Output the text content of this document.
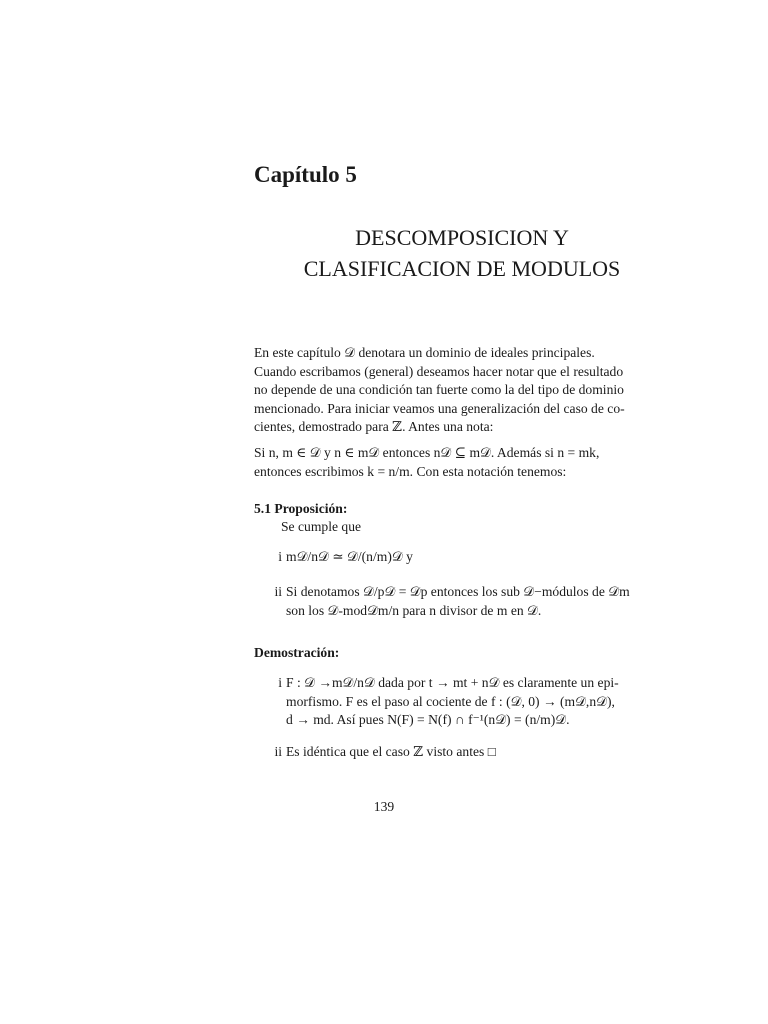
Capítulo 5
DESCOMPOSICION Y
CLASIFICACION DE MODULOS
En este capítulo 𝒟 denotara un dominio de ideales principales.
Cuando escribamos (general) deseamos hacer notar que el resultado
no depende de una condición tan fuerte como la del tipo de dominio
mencionado. Para iniciar veamos una generalización del caso de co-
cientes, demostrado para ℤ. Antes una nota:
Si n, m ∈ 𝒟 y n ∈ m𝒟 entonces n𝒟 ⊆ m𝒟. Además si n = mk,
entonces escribimos k = n/m. Con esta notación tenemos:
5.1 Proposición:
Se cumple que
i m𝒟/n𝒟 ≃ 𝒟/(n/m)𝒟 y
ii Si denotamos 𝒟/p𝒟 = 𝒟p entonces los sub 𝒟−módulos de 𝒟m
son los 𝒟-mod𝒟m/n para n divisor de m en 𝒟.
Demostración:
i F : 𝒟 →m𝒟/n𝒟 dada por t → mt + n𝒟 es claramente un epi-
morfismo. F es el paso al cociente de f : (𝒟, 0) → (m𝒟,n𝒟),
d → md. Así pues N(F) = N(f) ∩ f⁻¹(n𝒟) = (n/m)𝒟.
ii Es idéntica que el caso ℤ visto antes □
139
